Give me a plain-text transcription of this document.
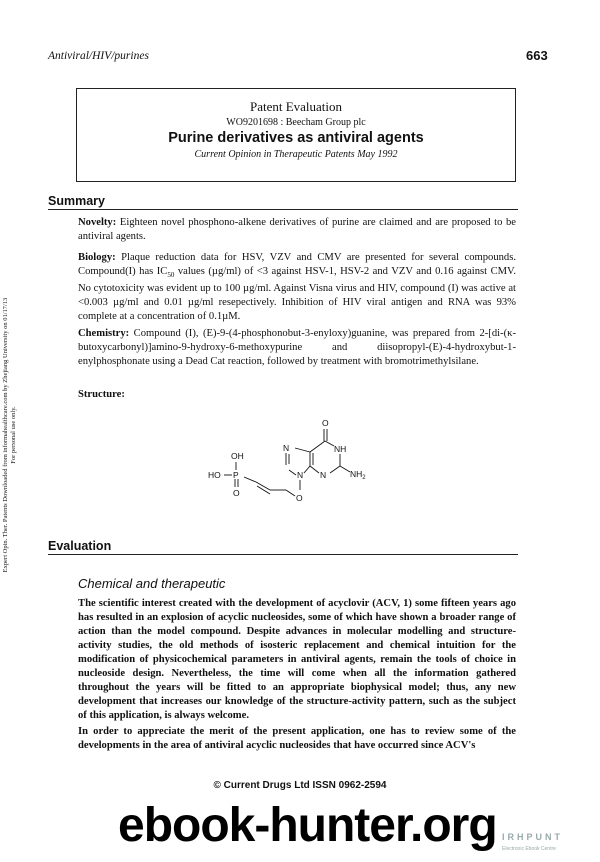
Antiviral/HIV/purines	663
Patent Evaluation
WO9201698 : Beecham Group plc
Purine derivatives as antiviral agents
Current Opinion in Therapeutic Patents May 1992
Expert Opin. Ther. Patents Downloaded from informahealthcare.com by Zhejiang University on 01/17/13
For personal use only.
Summary
Novelty: Eighteen novel phosphono-alkene derivatives of purine are claimed and are proposed to be antiviral agents.
Biology: Plaque reduction data for HSV, VZV and CMV are presented for several compounds. Compound(I) has $IC_{50}$ values (µg/ml) of <3 against HSV-1, HSV-2 and VZV and 0.16 against CMV. No cytotoxicity was evident up to 100 µg/ml. Against Visna virus and HIV, compound (I) was active at <0.003 µg/ml and 0.01 µg/ml resepectively. Inhibition of HIV viral antigen and RNA was 93% complete at a concentration of 0.1µM.
Chemistry: Compound (I), (E)-9-(4-phosphonobut-3-enyloxy)guanine, was prepared from 2-[di-(κ-butoxycarbonyl)]amino-9-hydroxy-6-methoxypurine and diisopropyl-(E)-4-hydroxybut-1-enylphosphonate using a Dead Cat reaction, followed by treatment with bromotrimethylsilane.
Structure:
O
NH
N
N
N	$NH_2$
OH
HO P
O	O
Evaluation
Chemical and therapeutic
The scientific interest created with the development of acyclovir (ACV, 1) some fifteen years ago has resulted in an explosion of acyclic nucleosides, some of which have shown a broader range of action than the model compound. Despite advances in molecular modelling and structure-activity studies, the old methods of isosteric replacement and chemical intuition for the modification of physicochemical parameters in antiviral agents, remain the tools of choice in nucleoside design. Nevertheless, the time will come when all the information gathered throughout the years will be fitted to an appropriate biophysical model; thus, any new development that increases our knowledge of the structure-activity pattern, such as the subject of this application, is always welcome.
In order to appreciate the merit of the present application, one has to review some of the developments in the area of antiviral acyclic nucleosides that have occurred since ACV's
© Current Drugs Ltd ISSN 0962-2594
ebook-hunter.org IRHPUNT
Electronic Ebook Centre
